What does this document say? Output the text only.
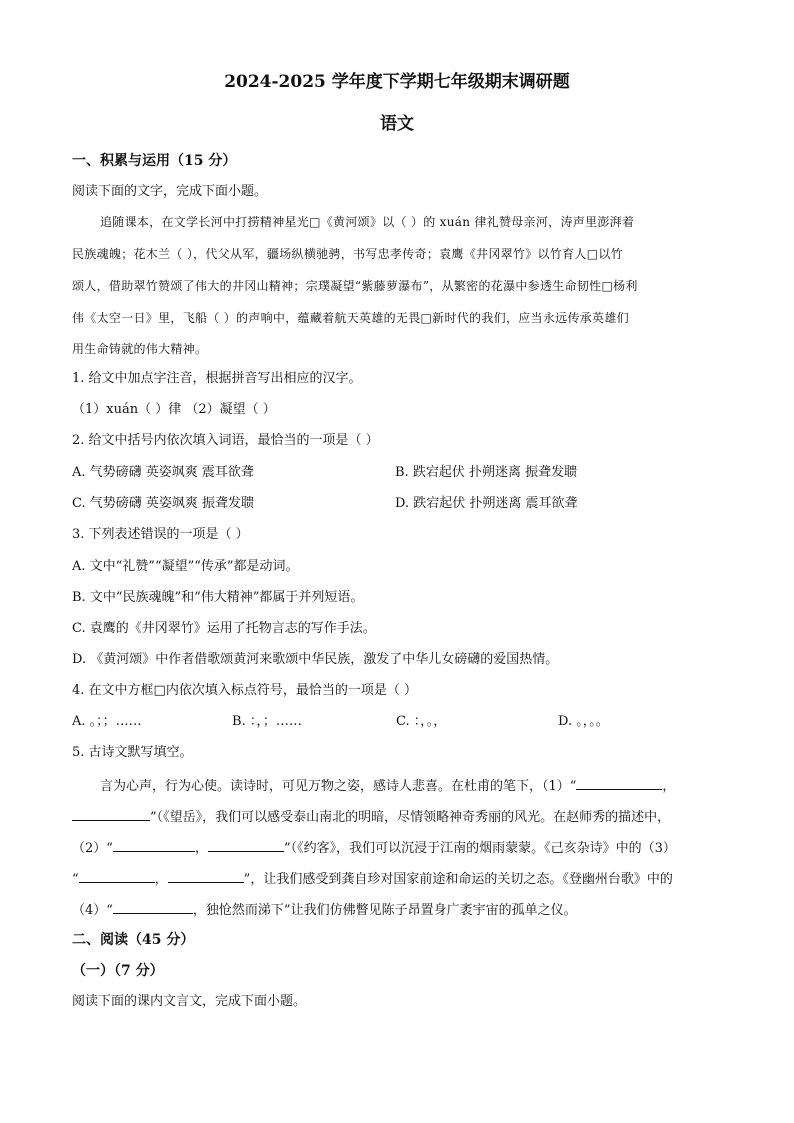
2024-2025 学年度下学期七年级期末调研题
语文
一、积累与运用（15 分）
阅读下面的文字，完成下面小题。
追随课本，在文学长河中打捞精神星光□《黄河颂》以（ ）的 xuán 律礼赞母亲河，涛声里澎湃着
民族魂魄；花木兰（ ），代父从军，疆场纵横驰骋，书写忠孝传奇；袁鹰《井冈翠竹》以竹育人□以竹
颂人，借助翠竹赞颂了伟大的井冈山精神；宗璞凝望“紫藤萝瀑布”，从繁密的花瀑中参透生命韧性□杨利
伟《太空一日》里，飞船（ ）的声响中，蕴藏着航天英雄的无畏□新时代的我们，应当永远传承英雄们
用生命铸就的伟大精神。
1. 给文中加点字注音，根据拼音写出相应的汉字。
（1）xuán（ ）律 （2）凝望（ ）
2. 给文中括号内依次填入词语，最恰当的一项是（ ）
A. 气势磅礴 英姿飒爽 震耳欲聋	B. 跌宕起伏 扑朔迷离 振聋发聩
C. 气势磅礴 英姿飒爽 振聋发聩	D. 跌宕起伏 扑朔迷离 震耳欲聋
3. 下列表述错误的一项是（ ）
A. 文中“礼赞”“凝望”“传承”都是动词。
B. 文中“民族魂魄”和“伟大精神”都属于并列短语。
C. 袁鹰的《井冈翠竹》运用了托物言志的写作手法。
D. 《黄河颂》中作者借歌颂黄河来歌颂中华民族，激发了中华儿女磅礴的爱国热情。
4. 在文中方框□内依次填入标点符号，最恰当的一项是（ ）
A. 。；；……	B. ：，；……	C. ：，。，	D. 。，。。
5. 古诗文默写填空。
言为心声，行为心使。读诗时，可见万物之姿，感诗人悲喜。在杜甫的笔下，（1）“	，
”（《望岳》，我们可以感受泰山南北的明暗，尽情领略神奇秀丽的风光。在赵师秀的描述中，
（2）“	，	”（《约客》，我们可以沉浸于江南的烟雨蒙蒙。《己亥杂诗》中的（3）
“	，	”，让我们感受到龚自珍对国家前途和命运的关切之态。《登幽州台歌》中的
（4）“	，独怆然而涕下”让我们仿佛瞥见陈子昂置身广袤宇宙的孤单之仪。
二、阅读（45 分）
（一）（7 分）
阅读下面的课内文言文，完成下面小题。
